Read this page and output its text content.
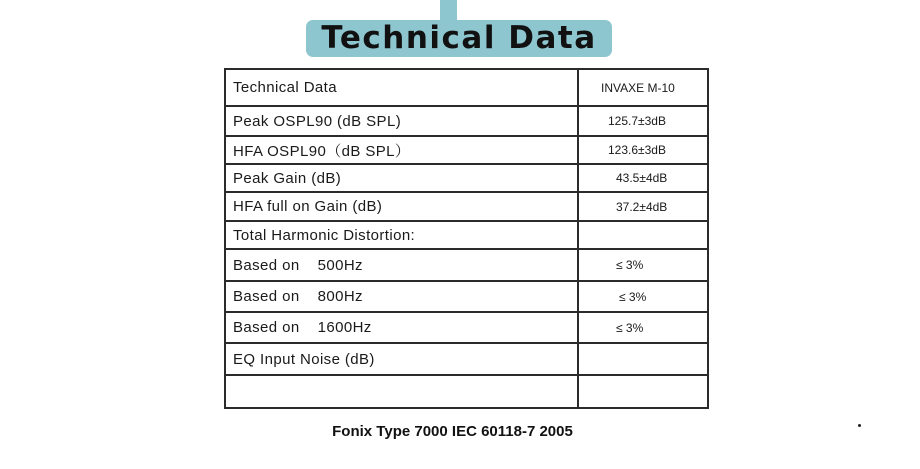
Technical Data
Technical Data	INVAXE M-10
Peak OSPL90 (dB SPL)	125.7±3dB
HFA OSPL90（dB SPL）	123.6±3dB
Peak Gain (dB)	43.5±4dB
HFA full on Gain (dB)	37.2±4dB
Total Harmonic Distortion:	
Based on 500Hz	≤ 3%
Based on 800Hz	≤ 3%
Based on 1600Hz	≤ 3%
EQ Input Noise (dB)	

Fonix Type 7000 IEC 60118-7 2005
